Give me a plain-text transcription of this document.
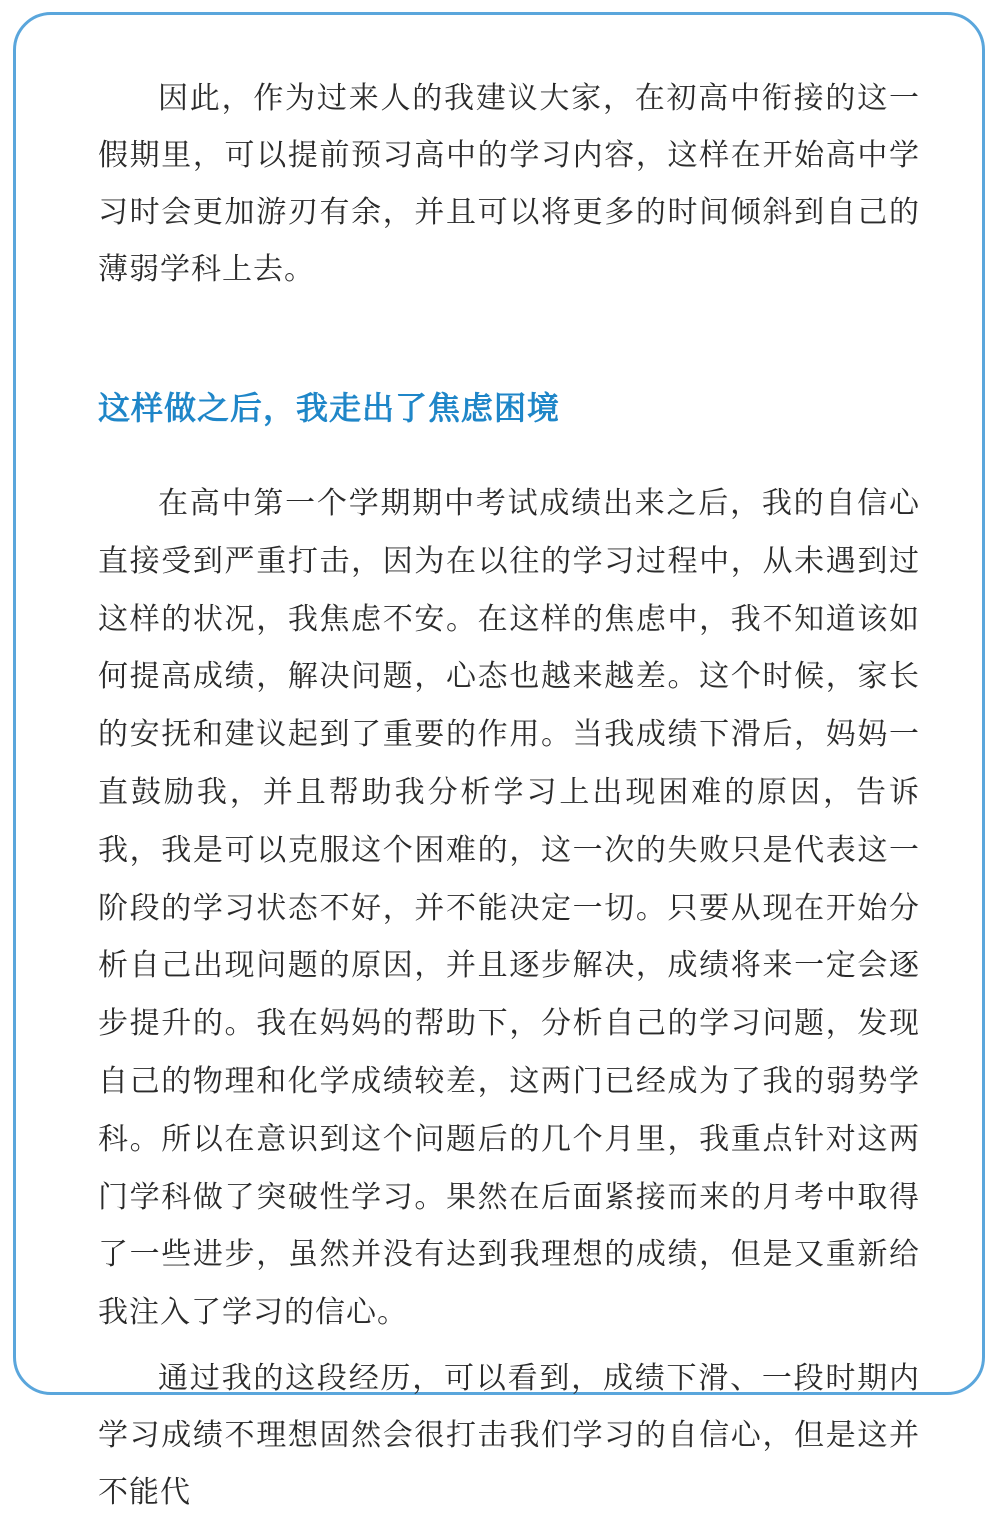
因此，作为过来人的我建议大家，在初高中衔接的这一假期里，可以提前预习高中的学习内容，这样在开始高中学习时会更加游刃有余，并且可以将更多的时间倾斜到自己的薄弱学科上去。

这样做之后，我走出了焦虑困境

在高中第一个学期期中考试成绩出来之后，我的自信心直接受到严重打击，因为在以往的学习过程中，从未遇到过这样的状况，我焦虑不安。在这样的焦虑中，我不知道该如何提高成绩，解决问题，心态也越来越差。这个时候，家长的安抚和建议起到了重要的作用。当我成绩下滑后，妈妈一直鼓励我，并且帮助我分析学习上出现困难的原因，告诉我，我是可以克服这个困难的，这一次的失败只是代表这一阶段的学习状态不好，并不能决定一切。只要从现在开始分析自己出现问题的原因，并且逐步解决，成绩将来一定会逐步提升的。我在妈妈的帮助下，分析自己的学习问题，发现自己的物理和化学成绩较差，这两门已经成为了我的弱势学科。所以在意识到这个问题后的几个月里，我重点针对这两门学科做了突破性学习。果然在后面紧接而来的月考中取得了一些进步，虽然并没有达到我理想的成绩，但是又重新给我注入了学习的信心。

通过我的这段经历，可以看到，成绩下滑、一段时期内学习成绩不理想固然会很打击我们学习的自信心，但是这并不能代
